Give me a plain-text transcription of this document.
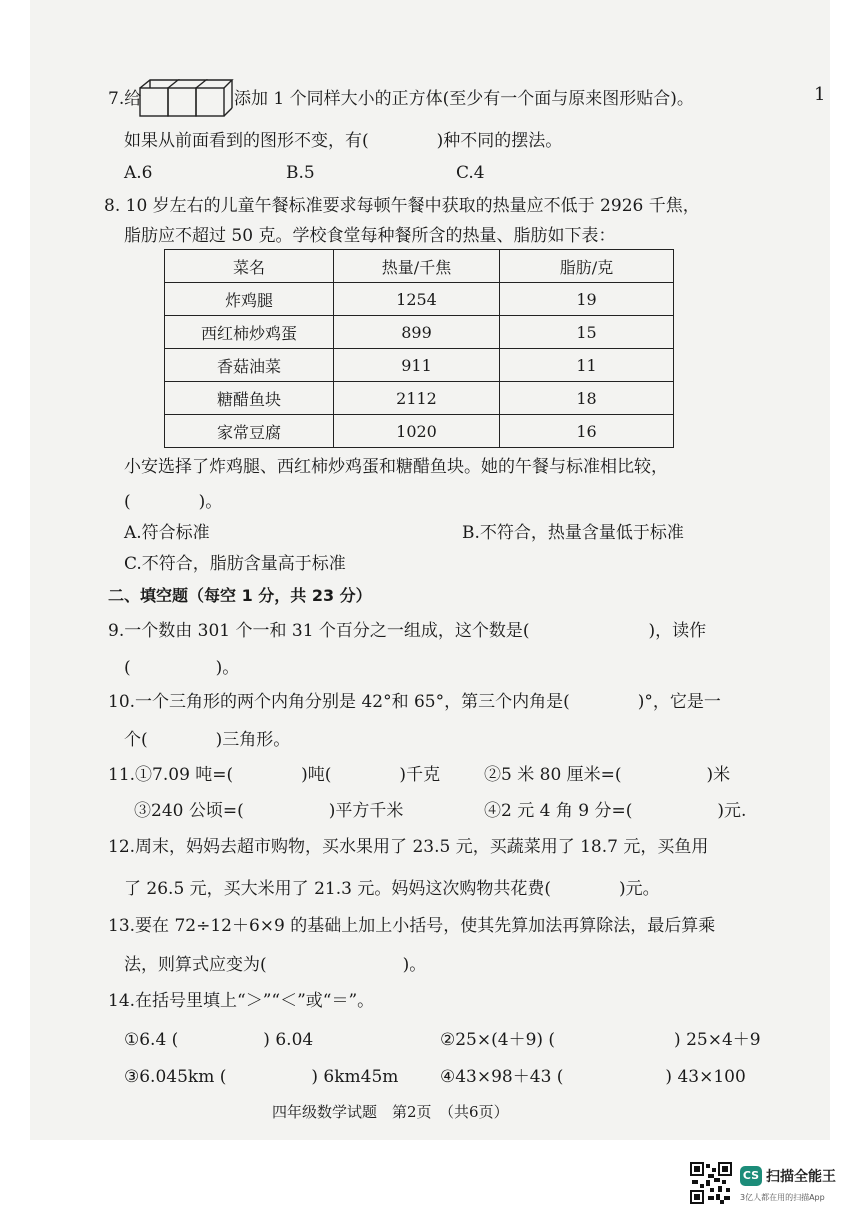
1
7.给	添加 1 个同样大小的正方体(至少有一个面与原来图形贴合)。
如果从前面看到的图形不变，有(　　　　)种不同的摆法。
A.6	B.5	C.4
8. 10 岁左右的儿童午餐标准要求每顿午餐中获取的热量应不低于 2926 千焦，
脂肪应不超过 50 克。学校食堂每种餐所含的热量、脂肪如下表：
菜名	热量/千焦	脂肪/克
炸鸡腿	1254	19
西红柿炒鸡蛋	899	15
香菇油菜	911	11
糖醋鱼块	2112	18
家常豆腐	1020	16
小安选择了炸鸡腿、西红柿炒鸡蛋和糖醋鱼块。她的午餐与标准相比较，
(　　　　)。
A.符合标准	B.不符合，热量含量低于标准
C.不符合，脂肪含量高于标准
二、填空题（每空 1 分，共 23 分）
9.一个数由 301 个一和 31 个百分之一组成，这个数是(　　　　　　　)，读作
(　　　　　)。
10.一个三角形的两个内角分别是 42°和 65°，第三个内角是(　　　　)°，它是一
个(　　　　)三角形。
11.①7.09 吨=(　　　　)吨(　　　　)千克	②5 米 80 厘米=(　　　　　)米
③240 公顷=(　　　　　)平方千米	④2 元 4 角 9 分=(　　　　　)元.
12.周末，妈妈去超市购物，买水果用了 23.5 元，买蔬菜用了 18.7 元，买鱼用
了 26.5 元，买大米用了 21.3 元。妈妈这次购物共花费(　　　　)元。
13.要在 72÷12＋6×9 的基础上加上小括号，使其先算加法再算除法，最后算乘
法，则算式应变为(　　　　　　　　)。
14.在括号里填上“＞”“＜”或“＝”。
①6.4 (　　　　　) 6.04	②25×(4＋9) (　　　　　　　) 25×4＋9
③6.045km (　　　　　) 6km45m ④43×98＋43 (　　　　　　) 43×100
四年级数学试题　第2页　（共6页）
CS 扫描全能王
3亿人都在用的扫描App
